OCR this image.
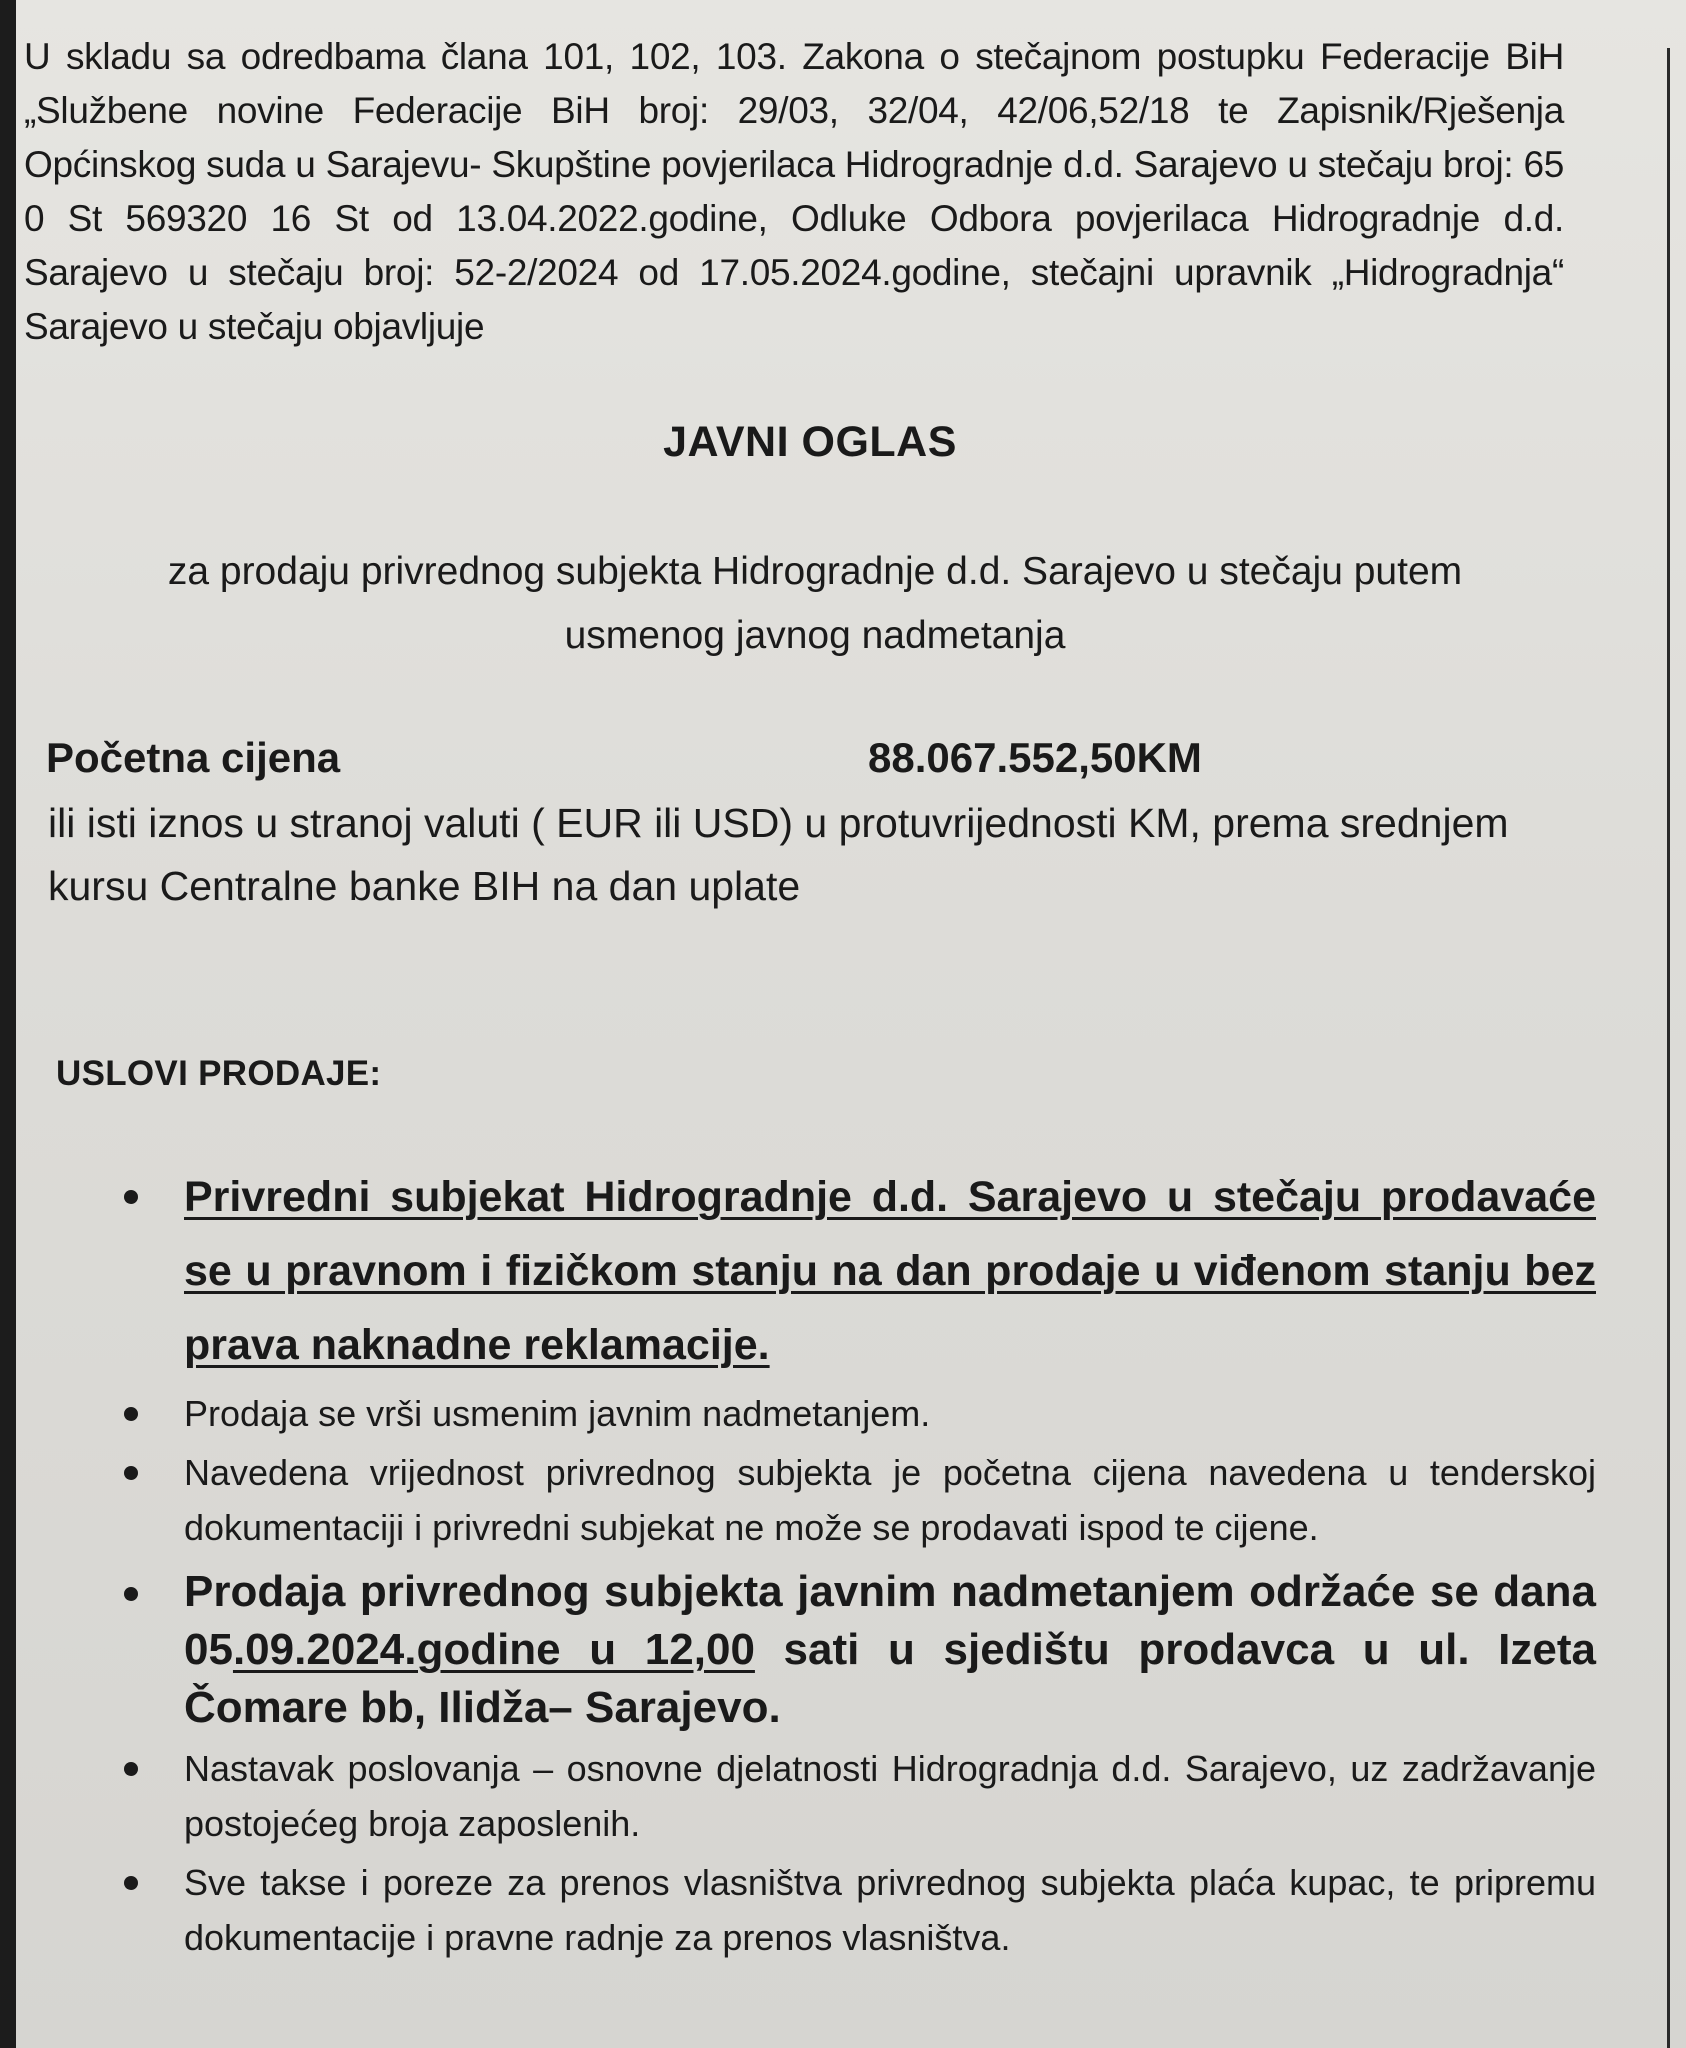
U skladu sa odredbama člana 101, 102, 103. Zakona o stečajnom postupku Federacije BiH „Službene novine Federacije BiH broj: 29/03, 32/04, 42/06,52/18 te Zapisnik/Rješenja Općinskog suda u Sarajevu- Skupštine povjerilaca Hidrogradnje d.d. Sarajevo u stečaju broj: 65 0 St 569320 16 St od 13.04.2022.godine, Odluke Odbora povjerilaca Hidrogradnje d.d. Sarajevo u stečaju broj: 52-2/2024 od 17.05.2024.godine, stečajni upravnik „Hidrogradnja“ Sarajevo u stečaju objavljuje
JAVNI OGLAS
za prodaju privrednog subjekta Hidrogradnje d.d. Sarajevo u stečaju putem usmenog javnog nadmetanja
Početna cijena	88.067.552,50KM
ili isti iznos u stranoj valuti ( EUR ili USD) u protuvrijednosti KM, prema srednjem kursu Centralne banke BIH na dan uplate
USLOVI PRODAJE:
Privredni subjekat Hidrogradnje d.d. Sarajevo u stečaju prodavaće se u pravnom i fizičkom stanju na dan prodaje u viđenom stanju bez prava naknadne reklamacije.
Prodaja se vrši usmenim javnim nadmetanjem.
Navedena vrijednost privrednog subjekta je početna cijena navedena u tenderskoj dokumentaciji i privredni subjekat ne može se prodavati ispod te cijene.
Prodaja privrednog subjekta javnim nadmetanjem održaće se dana 05.09.2024.godine u 12,00 sati u sjedištu prodavca u ul. Izeta Čomare bb, Ilidža– Sarajevo.
Nastavak poslovanja – osnovne djelatnosti Hidrogradnja d.d. Sarajevo, uz zadržavanje postojećeg broja zaposlenih.
Sve takse i poreze za prenos vlasništva privrednog subjekta plaća kupac, te pripremu dokumentacije i pravne radnje za prenos vlasništva.
